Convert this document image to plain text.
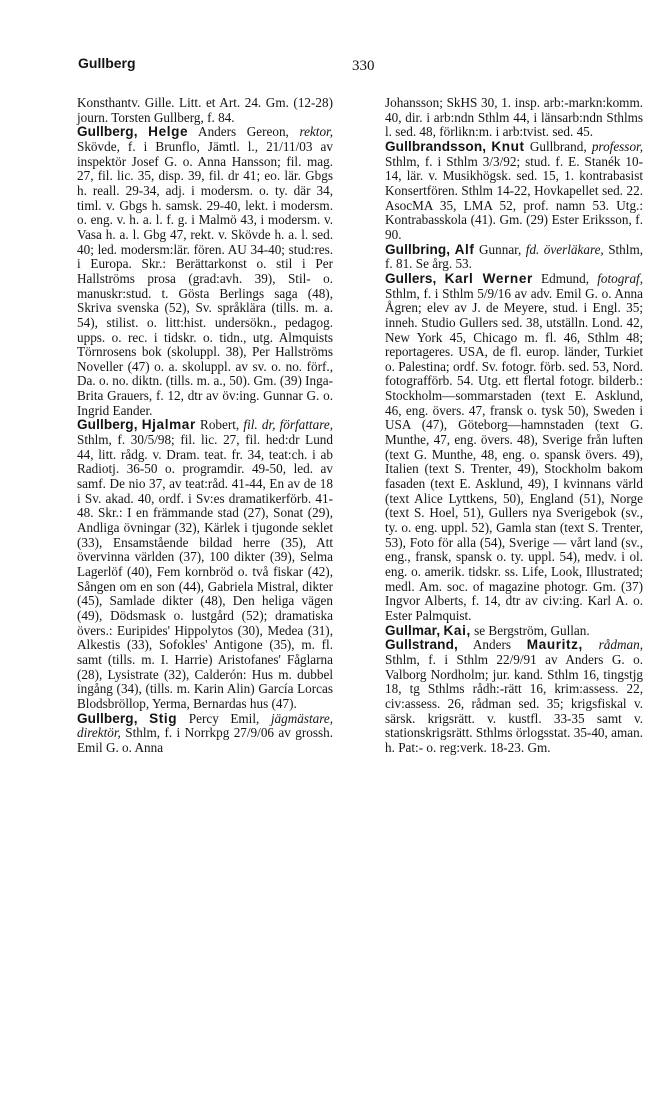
Gullberg	330

Konsthantv. Gille. Litt. et Art. 24. Gm. (12-28) journ. Torsten Gullberg, f. 84.

Gullberg, Helge Anders Gereon, rektor, Skövde, f. i Brunflo, Jämtl. l., 21/11/03 av inspektör Josef G. o. Anna Hansson; fil. mag. 27, fil. lic. 35, disp. 39, fil. dr 41; eo. lär. Gbgs h. reall. 29-34, adj. i modersm. o. ty. där 34, timl. v. Gbgs h. samsk. 29-40, lekt. i modersm. o. eng. v. h. a. l. f. g. i Malmö 43, i modersm. v. Vasa h. a. l. Gbg 47, rekt. v. Skövde h. a. l. sed. 40; led. modersm:lär. fören. AU 34-40; stud:res. i Europa. Skr.: Berättarkonst o. stil i Per Hallströms prosa (grad:avh. 39), Stil- o. manuskr:stud. t. Gösta Berlings saga (48), Skriva svenska (52), Sv. språklära (tills. m. a. 54), stilist. o. litt:hist. undersökn., pedagog. upps. o. rec. i tidskr. o. tidn., utg. Almquists Törnrosens bok (skoluppl. 38), Per Hallströms Noveller (47) o. a. skoluppl. av sv. o. no. förf., Da. o. no. diktn. (tills. m. a., 50). Gm. (39) Inga-Brita Grauers, f. 12, dtr av öv:ing. Gunnar G. o. Ingrid Eander.

Gullberg, Hjalmar Robert, fil. dr, författare, Sthlm, f. 30/5/98; fil. lic. 27, fil. hed:dr Lund 44, litt. rådg. v. Dram. teat. fr. 34, teat:ch. i ab Radiotj. 36-50 o. programdir. 49-50, led. av samf. De nio 37, av teat:råd. 41-44, En av de 18 i Sv. akad. 40, ordf. i Sv:es dramatikerförb. 41-48. Skr.: I en främmande stad (27), Sonat (29), Andliga övningar (32), Kärlek i tjugonde seklet (33), Ensamstående bildad herre (35), Att övervinna världen (37), 100 dikter (39), Selma Lagerlöf (40), Fem kornbröd o. två fiskar (42), Sången om en son (44), Gabriela Mistral, dikter (45), Samlade dikter (48), Den heliga vägen (49), Dödsmask o. lustgård (52); dramatiska övers.: Euripides' Hippolytos (30), Medea (31), Alkestis (33), Sofokles' Antigone (35), m. fl. samt (tills. m. I. Harrie) Aristofanes' Fåglarna (28), Lysistrate (32), Calderón: Hus m. dubbel ingång (34), (tills. m. Karin Alin) García Lorcas Blodsbröllop, Yerma, Bernardas hus (47).

Gullberg, Stig Percy Emil, jägmästare, direktör, Sthlm, f. i Norrkpg 27/9/06 av grossh. Emil G. o. Anna

Johansson; SkHS 30, 1. insp. arb:-markn:komm. 40, dir. i arb:ndn Sthlm 44, i länsarb:ndn Sthlms l. sed. 48, förlikn:m. i arb:tvist. sed. 45.

Gullbrandsson, Knut Gullbrand, professor, Sthlm, f. i Sthlm 3/3/92; stud. f. E. Stanék 10-14, lär. v. Musikhögsk. sed. 15, 1. kontrabasist Konsertfören. Sthlm 14-22, Hovkapellet sed. 22. AsocMA 35, LMA 52, prof. namn 53. Utg.: Kontrabasskola (41). Gm. (29) Ester Eriksson, f. 90.

Gullbring, Alf Gunnar, fd. överläkare, Sthlm, f. 81. Se årg. 53.

Gullers, Karl Werner Edmund, fotograf, Sthlm, f. i Sthlm 5/9/16 av adv. Emil G. o. Anna Ågren; elev av J. de Meyere, stud. i Engl. 35; inneh. Studio Gullers sed. 38, utställn. Lond. 42, New York 45, Chicago m. fl. 46, Sthlm 48; reportageres. USA, de fl. europ. länder, Turkiet o. Palestina; ordf. Sv. fotogr. förb. sed. 53, Nord. fotografförb. 54. Utg. ett flertal fotogr. bilderb.: Stockholm—sommarstaden (text E. Asklund, 46, eng. övers. 47, fransk o. tysk 50), Sweden i USA (47), Göteborg—hamnstaden (text G. Munthe, 47, eng. övers. 48), Sverige från luften (text G. Munthe, 48, eng. o. spansk övers. 49), Italien (text S. Trenter, 49), Stockholm bakom fasaden (text E. Asklund, 49), I kvinnans värld (text Alice Lyttkens, 50), England (51), Norge (text S. Hoel, 51), Gullers nya Sverigebok (sv., ty. o. eng. uppl. 52), Gamla stan (text S. Trenter, 53), Foto för alla (54), Sverige — vårt land (sv., eng., fransk, spansk o. ty. uppl. 54), medv. i ol. eng. o. amerik. tidskr. ss. Life, Look, Illustrated; medl. Am. soc. of magazine photogr. Gm. (37) Ingvor Alberts, f. 14, dtr av civ:ing. Karl A. o. Ester Palmquist.

Gullmar, Kai, se Bergström, Gullan.

Gullstrand, Anders Mauritz, rådman, Sthlm, f. i Sthlm 22/9/91 av Anders G. o. Valborg Nordholm; jur. kand. Sthlm 16, tingstjg 18, tg Sthlms rådh:-rätt 16, krim:assess. 22, civ:assess. 26, rådman sed. 35; krigsfiskal v. särsk. krigsrätt. v. kustfl. 33-35 samt v. stationskrigsrätt. Sthlms örlogsstat. 35-40, aman. h. Pat:- o. reg:verk. 18-23. Gm.
